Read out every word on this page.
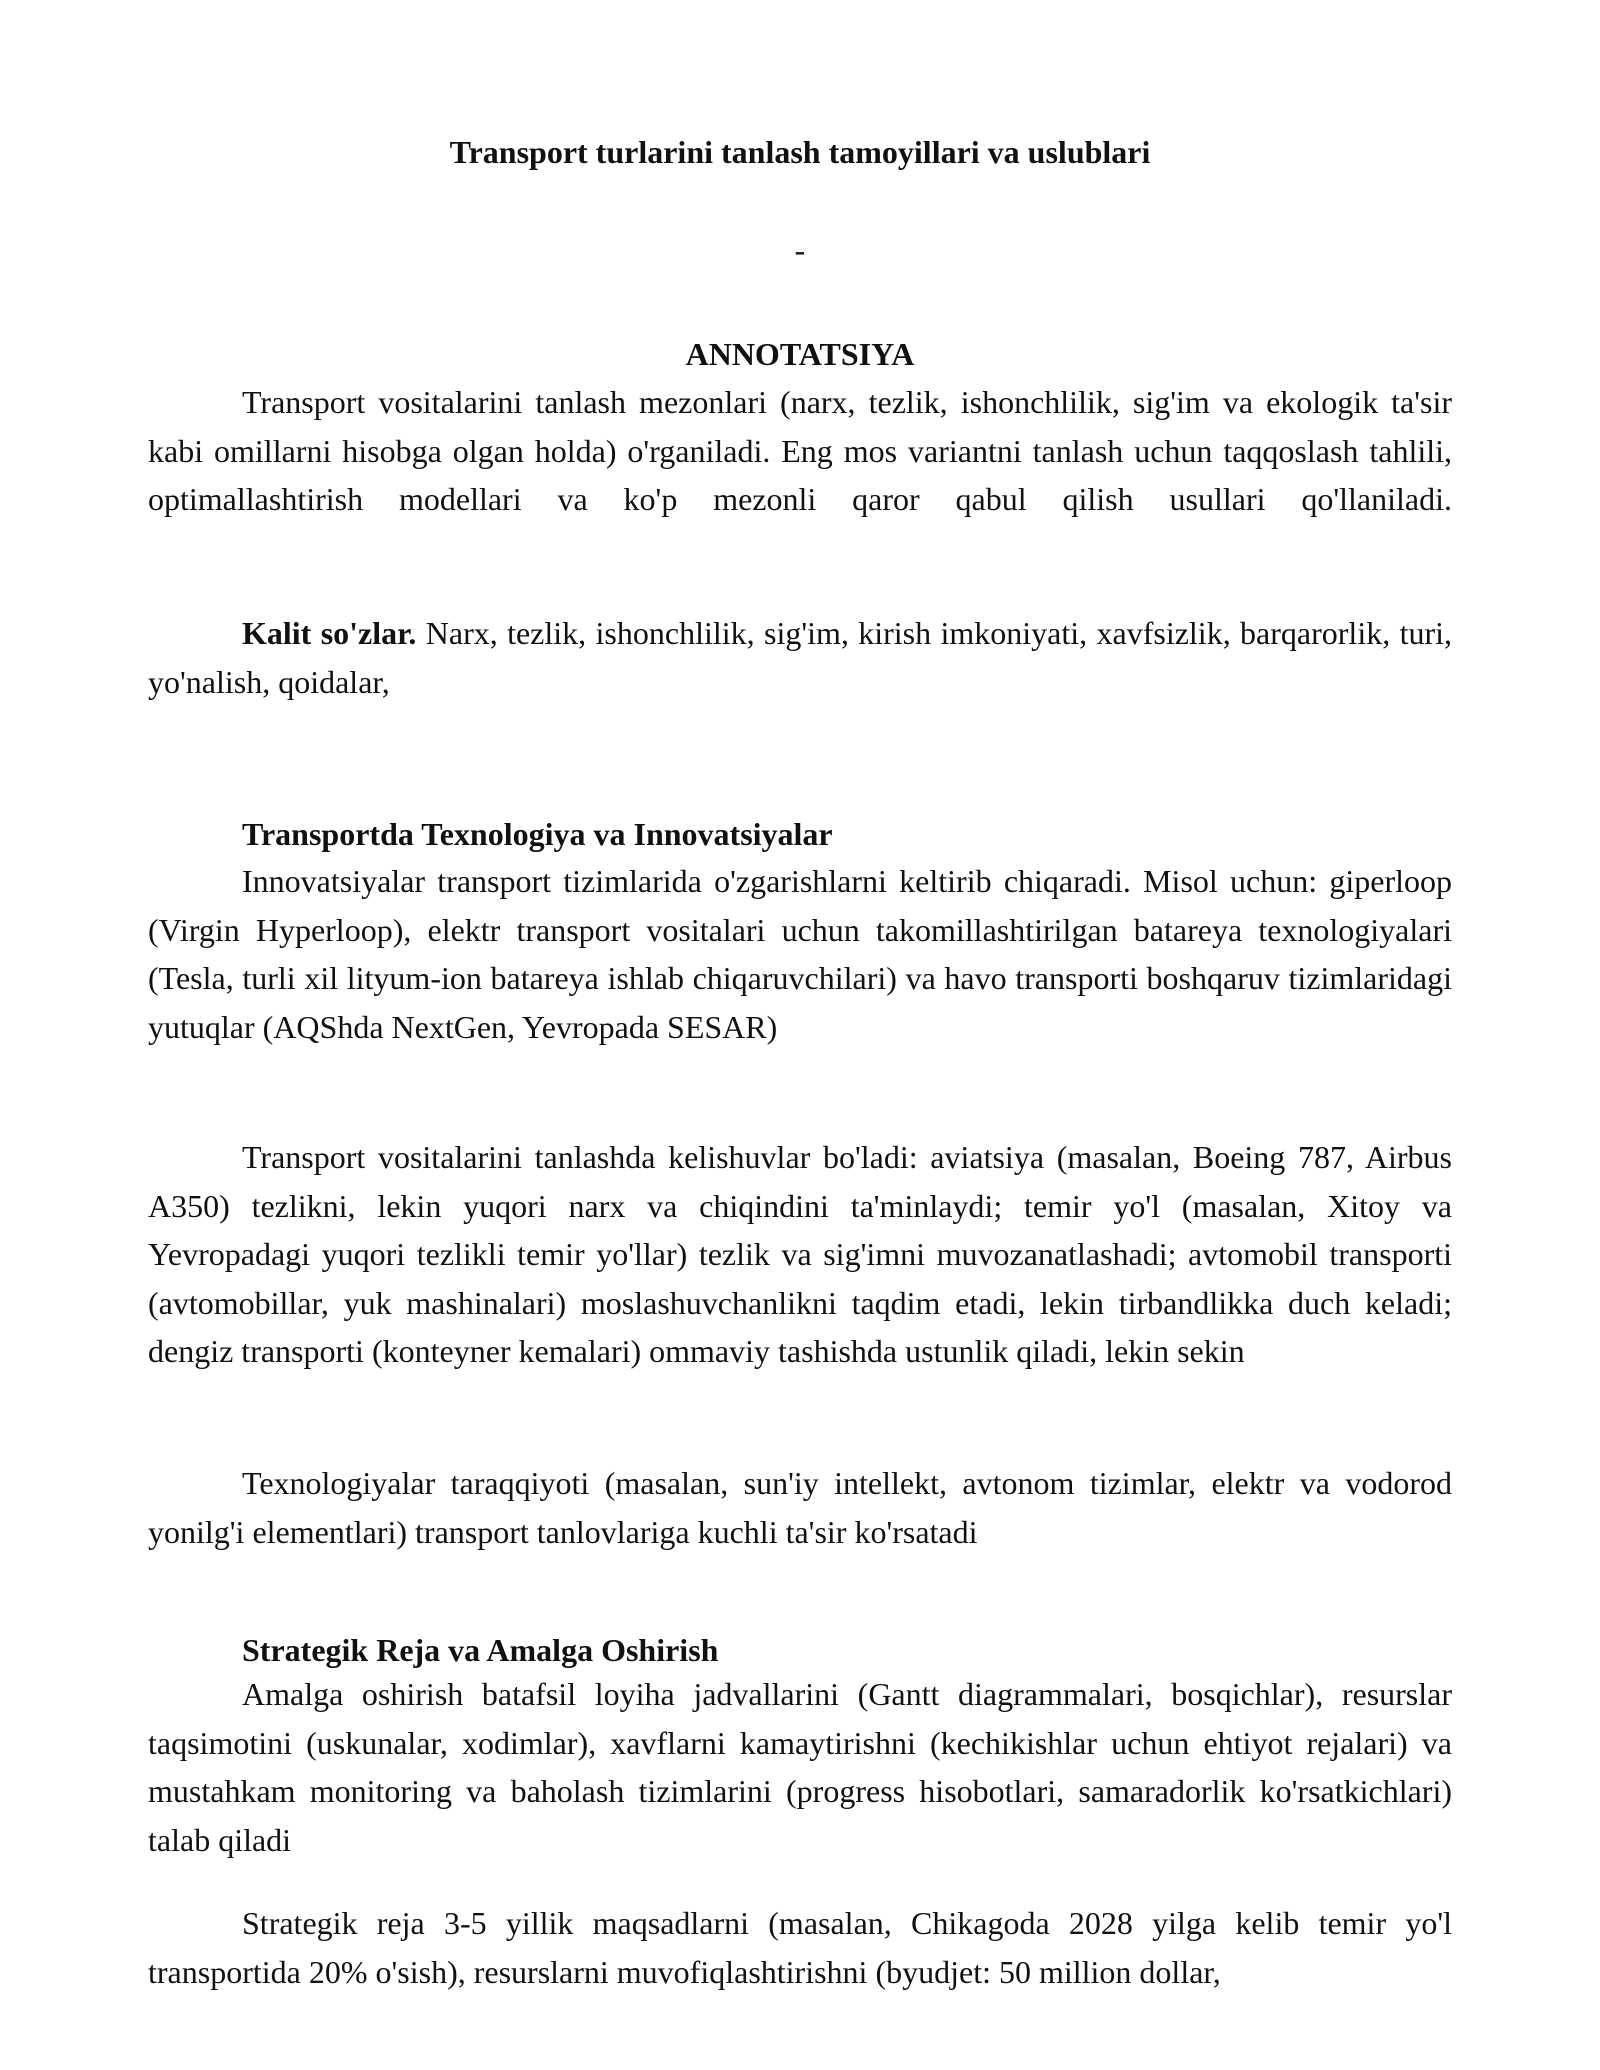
Transport turlarini tanlash tamoyillari va uslublari
-
ANNOTATSIYA

Transport vositalarini tanlash mezonlari (narx, tezlik, ishonchlilik, sig'im va ekologik ta'sir kabi omillarni hisobga olgan holda) o'rganiladi. Eng mos variantni tanlash uchun taqqoslash tahlili, optimallashtirish modellari va ko'p mezonli qaror qabul qilish usullari qo'llaniladi.

Kalit so'zlar. Narx, tezlik, ishonchlilik, sig'im, kirish imkoniyati, xavfsizlik, barqarorlik, turi, yo'nalish, qoidalar,

Transportda Texnologiya va Innovatsiyalar

Innovatsiyalar transport tizimlarida o'zgarishlarni keltirib chiqaradi. Misol uchun: giperloop (Virgin Hyperloop), elektr transport vositalari uchun takomillashtirilgan batareya texnologiyalari (Tesla, turli xil lityum-ion batareya ishlab chiqaruvchilari) va havo transporti boshqaruv tizimlaridagi yutuqlar (AQShda NextGen, Yevropada SESAR)

Transport vositalarini tanlashda kelishuvlar bo'ladi: aviatsiya (masalan, Boeing 787, Airbus A350) tezlikni, lekin yuqori narx va chiqindini ta'minlaydi; temir yo'l (masalan, Xitoy va Yevropadagi yuqori tezlikli temir yo'llar) tezlik va sig'imni muvozanatlashadi; avtomobil transporti (avtomobillar, yuk mashinalari) moslashuvchanlikni taqdim etadi, lekin tirbandlikka duch keladi; dengiz transporti (konteyner kemalari) ommaviy tashishda ustunlik qiladi, lekin sekin

Texnologiyalar taraqqiyoti (masalan, sun'iy intellekt, avtonom tizimlar, elektr va vodorod yonilg'i elementlari) transport tanlovlariga kuchli ta'sir ko'rsatadi

Strategik Reja va Amalga Oshirish

Amalga oshirish batafsil loyiha jadvallarini (Gantt diagrammalari, bosqichlar), resurslar taqsimotini (uskunalar, xodimlar), xavflarni kamaytirishni (kechikishlar uchun ehtiyot rejalari) va mustahkam monitoring va baholash tizimlarini (progress hisobotlari, samaradorlik ko'rsatkichlari) talab qiladi

Strategik reja 3-5 yillik maqsadlarni (masalan, Chikagoda 2028 yilga kelib temir yo'l transportida 20% o'sish), resurslarni muvofiqlashtirishni (byudjet: 50 million dollar,
